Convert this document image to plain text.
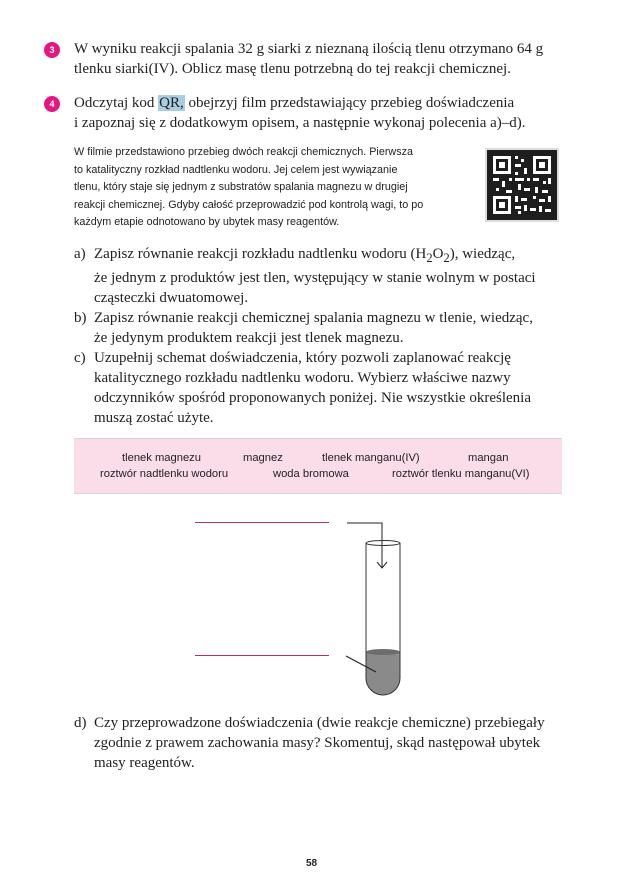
3	W wyniku reakcji spalania 32 g siarki z nieznaną ilością tlenu otrzymano 64 g
tlenku siarki(IV). Oblicz masę tlenu potrzebną do tej reakcji chemicznej.
4	Odczytaj kod QR, obejrzyj film przedstawiający przebieg doświadczenia
i zapoznaj się z dodatkowym opisem, a następnie wykonaj polecenia a)–d).
W filmie przedstawiono przebieg dwóch reakcji chemicznych. Pierwsza
to katalityczny rozkład nadtlenku wodoru. Jej celem jest wywiązanie
tlenu, który staje się jednym z substratów spalania magnezu w drugiej
reakcji chemicznej. Gdyby całość przeprowadzić pod kontrolą wagi, to po
każdym etapie odnotowano by ubytek masy reagentów.
a) Zapisz równanie reakcji rozkładu nadtlenku wodoru $(H_2O_2)$, wiedząc,
że jednym z produktów jest tlen, występujący w stanie wolnym w postaci
cząsteczki dwuatomowej.
b) Zapisz równanie reakcji chemicznej spalania magnezu w tlenie, wiedząc,
że jedynym produktem reakcji jest tlenek magnezu.
c) Uzupełnij schemat doświadczenia, który pozwoli zaplanować reakcję
katalitycznego rozkładu nadtlenku wodoru. Wybierz właściwe nazwy
odczynników spośród proponowanych poniżej. Nie wszystkie określenia
muszą zostać użyte.
tlenek magnezu	magnez	tlenek manganu(IV)	mangan
roztwór nadtlenku wodoru	woda bromowa	roztwór tlenku manganu(VI)
d) Czy przeprowadzone doświadczenia (dwie reakcje chemiczne) przebiegały
zgodnie z prawem zachowania masy? Skomentuj, skąd następował ubytek
masy reagentów.
58
